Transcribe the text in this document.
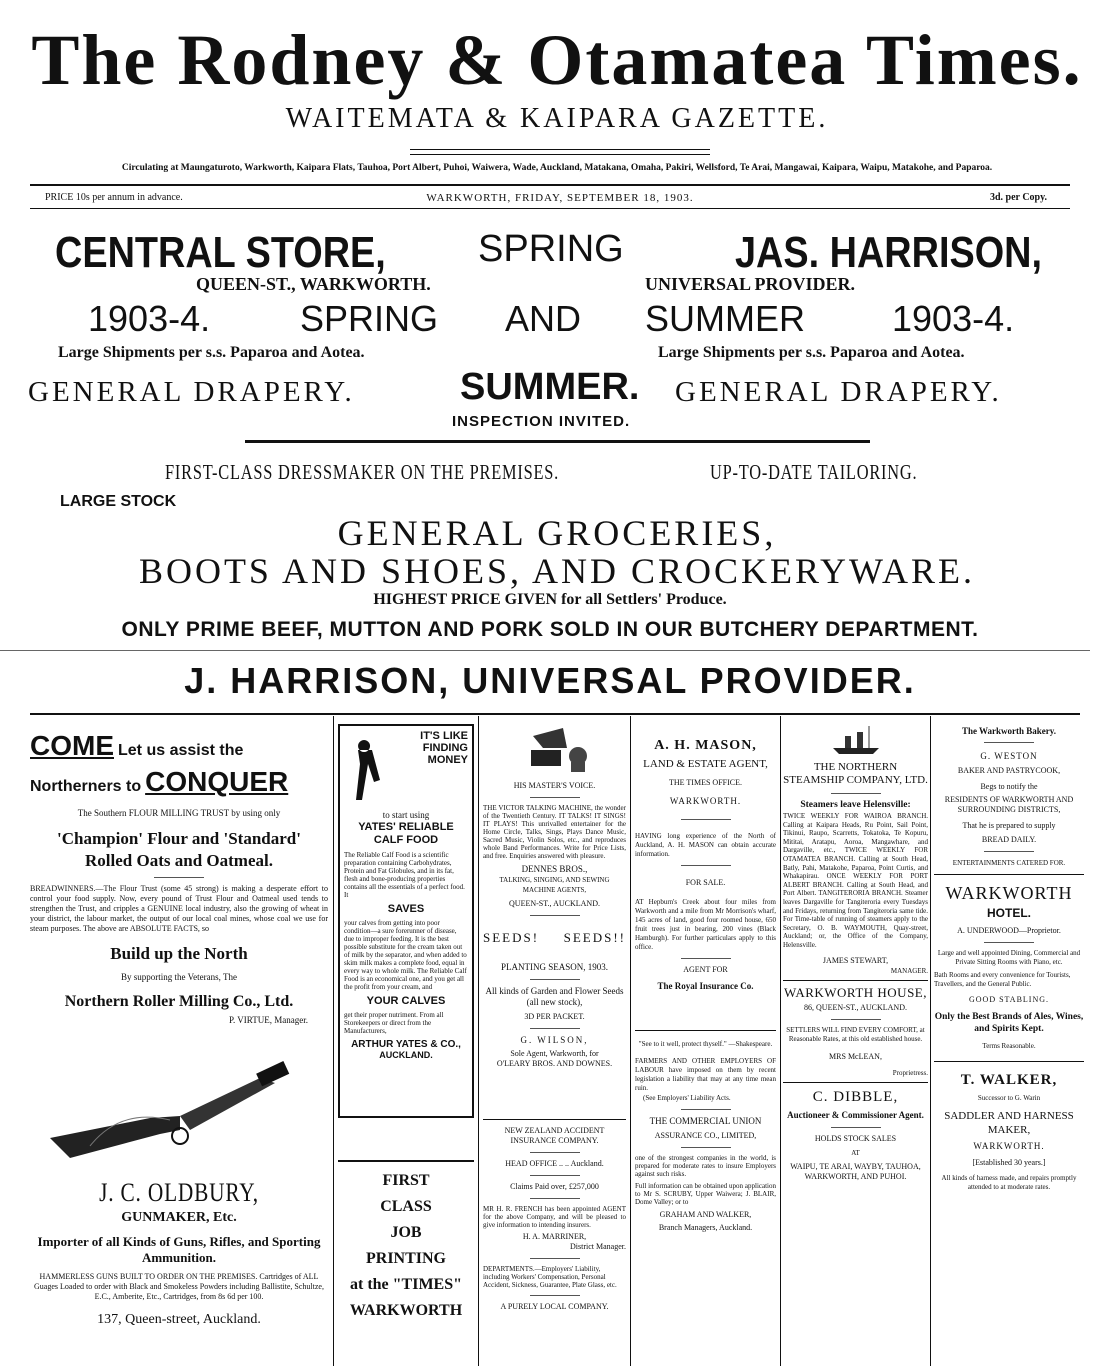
The Rodney & Otamatea Times.
WAITEMATA & KAIPARA GAZETTE.
Circulating at Maungaturoto, Warkworth, Kaipara Flats, Tauhoa, Port Albert, Puhoi, Waiwera, Wade, Auckland, Matakana, Omaha, Pakiri, Wellsford, Te Arai, Mangawai, Kaipara, Waipu, Matakohe, and Paparoa.
PRICE 10s per annum in advance.	WARKWORTH, FRIDAY, SEPTEMBER 18, 1903.	3d. per Copy.
CENTRAL STORE, SPRING	JAS. HARRISON,
QUEEN-ST., WARKWORTH.	UNIVERSAL PROVIDER.
1903-4. SPRING AND SUMMER 1903-4.
Large Shipments per s.s. Paparoa and Aotea.	Large Shipments per s.s. Paparoa and Aotea.
GENERAL DRAPERY.	SUMMER. GENERAL DRAPERY.
INSPECTION INVITED.
FIRST-CLASS DRESSMAKER ON THE PREMISES.	UP-TO-DATE TAILORING.
LARGE STOCK
GENERAL GROCERIES,
BOOTS AND SHOES, AND CROCKERYWARE.
HIGHEST PRICE GIVEN for all Settlers' Produce.
ONLY PRIME BEEF, MUTTON AND PORK SOLD IN OUR BUTCHERY DEPARTMENT.
J. HARRISON, UNIVERSAL PROVIDER.
COME Let us assist the
Northerners to CONQUER
The Southern FLOUR MILLING TRUST by using only
'Champion' Flour and 'Standard'
Rolled Oats and Oatmeal.

BREADWINNERS.—The Flour Trust (some 45 strong) is making a desperate effort to control your food supply. Now, every pound of Trust Flour and Oatmeal used tends to strengthen the Trust, and cripples a GENUINE local industry, also the growing of wheat in your district, the labour market, the output of our local coal mines, whose coal we use for steam purposes. The above are ABSOLUTE FACTS, so

Build up the North
By supporting the Veterans, The
Northern Roller Milling Co., Ltd.
P. VIRTUE, Manager.
J. C. OLDBURY,
GUNMAKER, Etc.
Importer of all Kinds of Guns, Rifles, and Sporting Ammunition.

HAMMERLESS GUNS BUILT TO ORDER ON THE PREMISES. Cartridges of ALL Guages Loaded to order with Black and Smokeless Powders including Ballistite, Schultze, E.C., Amberite, Etc., Cartridges, from 8s 6d per 100.

137, Queen-street, Auckland.
IT'S LIKE FINDING MONEY
to start using
YATES' RELIABLE CALF FOOD

The Reliable Calf Food is a scientific preparation containing Carbohydrates, Protein and Fat Globules, and in its fat, flesh and bone-producing properties contains all the essentials of a perfect food. It

SAVES

your calves from getting into poor condition—a sure forerunner of disease, due to improper feeding. It is the best possible substitute for the cream taken out of milk by the separator, and when added to skim milk makes a complete food, equal in every way to whole milk. The Reliable Calf Food is an economical one, and you get all the profit from your cream, and

YOUR CALVES

get their proper nutriment. From all Storekeepers or direct from the Manufacturers,

ARTHUR YATES & CO.,
AUCKLAND.
FIRST
CLASS
JOB
PRINTING
at the "TIMES"
WARKWORTH
HIS MASTER'S VOICE.

THE VICTOR TALKING MACHINE, the wonder of the Twentieth Century. IT TALKS! IT SINGS! IT PLAYS! This unrivalled entertainer for the Home Circle, Talks, Sings, Plays Dance Music, Sacred Music, Violin Solos, etc., and reproduces whole Band Performances. Write for Price Lists, and free. Enquiries answered with pleasure.

DENNES BROS.,
TALKING, SINGING, AND SEWING MACHINE AGENTS,
QUEEN-ST., AUCKLAND.
SEEDS! SEEDS!!
PLANTING SEASON, 1903.
All kinds of Garden and Flower Seeds (all new stock),
3D PER PACKET.
G. WILSON,
Sole Agent, Warkworth, for
O'LEARY BROS. AND DOWNES.
NEW ZEALAND ACCIDENT INSURANCE COMPANY.
HEAD OFFICE .. .. Auckland.
Claims Paid over, £257,000

MR H. R. FRENCH has been appointed AGENT for the above Company, and will be pleased to give information to intending insurers.

H. A. MARRINER,
District Manager.

DEPARTMENTS.—Employers' Liability, including Workers' Compensation, Personal Accident, Sickness, Guarantee, Plate Glass, etc.

A PURELY LOCAL COMPANY.
A. H. MASON,
LAND & ESTATE AGENT,
THE TIMES OFFICE.
WARKWORTH.

HAVING long experience of the North of Auckland, A. H. MASON can obtain accurate information.

FOR SALE.

AT Hepburn's Creek about four miles from Warkworth and a mile from Mr Morrison's wharf, 145 acres of land, good four roomed house, 650 fruit trees just in bearing, 200 vines (Black Hamburgh). For further particulars apply to this office.

AGENT FOR
The Royal Insurance Co.
"See to it well, protect thyself." —Shakespeare.

FARMERS AND OTHER EMPLOYERS OF LABOUR have imposed on them by recent legislation a liability that may at any time mean ruin.

(See Employers' Liability Acts.
THE COMMERCIAL UNION
ASSURANCE CO., LIMITED,

one of the strongest companies in the world, is prepared for moderate rates to insure Employers against such risks.

Full information can be obtained upon application to Mr S. SCRUBY, Upper Waiwera; J. BLAIR, Dome Valley; or to

GRAHAM AND WALKER,
Branch Managers, Auckland.
THE NORTHERN STEAMSHIP COMPANY, LTD.
Steamers leave Helensville:

TWICE WEEKLY FOR WAIROA BRANCH. Calling at Kaipara Heads, Ru Point, Sail Point, Tikinui, Raupo, Scarretts, Tokatoka, Te Kopuru, Mititai, Aratapu, Aoroa, Mangawhare, and Dargaville, etc., TWICE WEEKLY FOR OTAMATEA BRANCH. Calling at South Head, Batly, Pahi, Matakohe, Paparoa, Point Curtis, and Whakapirau. ONCE WEEKLY FOR PORT ALBERT BRANCH. Calling at South Head, and Port Albert. TANGITERORIA BRANCH. Steamer leaves Dargaville for Tangiteroria every Tuesdays and Fridays, returning from Tangiteroria same tide. For Time-table of running of steamers apply to the Secretary, O. B. WAYMOUTH, Quay-street, Auckland; or, the Office of the Company, Helensville.

JAMES STEWART,
MANAGER.
WARKWORTH HOUSE,
86, QUEEN-ST., AUCKLAND.

SETTLERS WILL FIND EVERY COMFORT, at Reasonable Rates, at this old established house.

MRS McLEAN,
Proprietress.
C. DIBBLE,
Auctioneer & Commissioner Agent.
HOLDS STOCK SALES
AT
WAIPU, TE ARAI, WAYBY, TAUHOA, WARKWORTH, AND PUHOI.
The Warkworth Bakery.
G. WESTON
BAKER AND PASTRYCOOK,
Begs to notify the
RESIDENTS OF WARKWORTH AND SURROUNDING DISTRICTS,
That he is prepared to supply
BREAD DAILY.
ENTERTAINMENTS CATERED FOR.
WARKWORTH
HOTEL.
A. UNDERWOOD—Proprietor.

Large and well appointed Dining, Commercial and Private Sitting Rooms with Piano, etc.

Bath Rooms and every convenience for Tourists, Travellers, and the General Public.

GOOD STABLING.
Only the Best Brands of Ales, Wines, and Spirits Kept.
Terms Reasonable.
T. WALKER,
Successor to G. Warin
SADDLER AND HARNESS MAKER,
WARKWORTH.
[Established 30 years.]

All kinds of harness made, and repairs promptly attended to at moderate rates.
